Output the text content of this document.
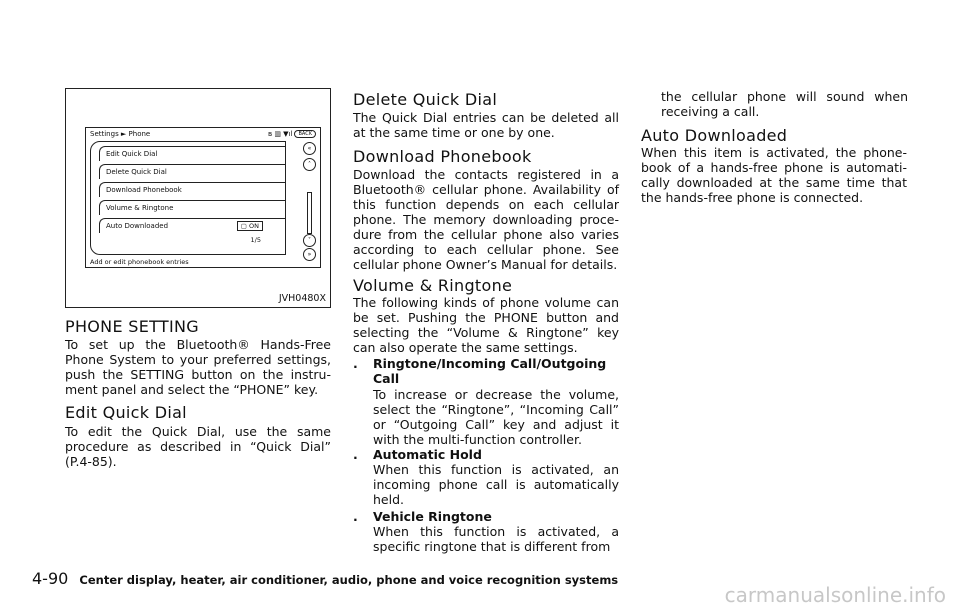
Settings ► Phone	ʙ ▥ ▼ıl	BACK
Edit Quick Dial
Delete Quick Dial
Download Phonebook
Volume & Ringtone
Auto Downloaded	▢ ON
1/5
«
˄
˅
»
Add or edit phonebook entries
JVH0480X
PHONE SETTING

To set up the Bluetooth® Hands-Free Phone System to your preferred settings, push the SETTING button on the instru-ment panel and select the “PHONE” key.

Edit Quick Dial

To edit the Quick Dial, use the same procedure as described in “Quick Dial” (P.4-85).

Delete Quick Dial

The Quick Dial entries can be deleted all at the same time or one by one.

Download Phonebook

Download the contacts registered in a Bluetooth® cellular phone. Availability of this function depends on each cellular phone. The memory downloading proce-dure from the cellular phone also varies according to each cellular phone. See cellular phone Owner’s Manual for details.

Volume & Ringtone

The following kinds of phone volume can be set. Pushing the PHONE button and selecting the “Volume & Ringtone” key can also operate the same settings.

. Ringtone/Incoming Call/Outgoing Call
To increase or decrease the volume, select the “Ringtone”, “Incoming Call” or “Outgoing Call” key and adjust it with the multi-function controller.
. Automatic Hold
When this function is activated, an incoming phone call is automatically held.
. Vehicle Ringtone
When this function is activated, a specific ringtone that is different from

the cellular phone will sound when receiving a call.

Auto Downloaded

When this item is activated, the phone-book of a hands-free phone is automati-cally downloaded at the same time that the hands-free phone is connected.

4-90 Center display, heater, air conditioner, audio, phone and voice recognition systems
carmanualsonline.info
